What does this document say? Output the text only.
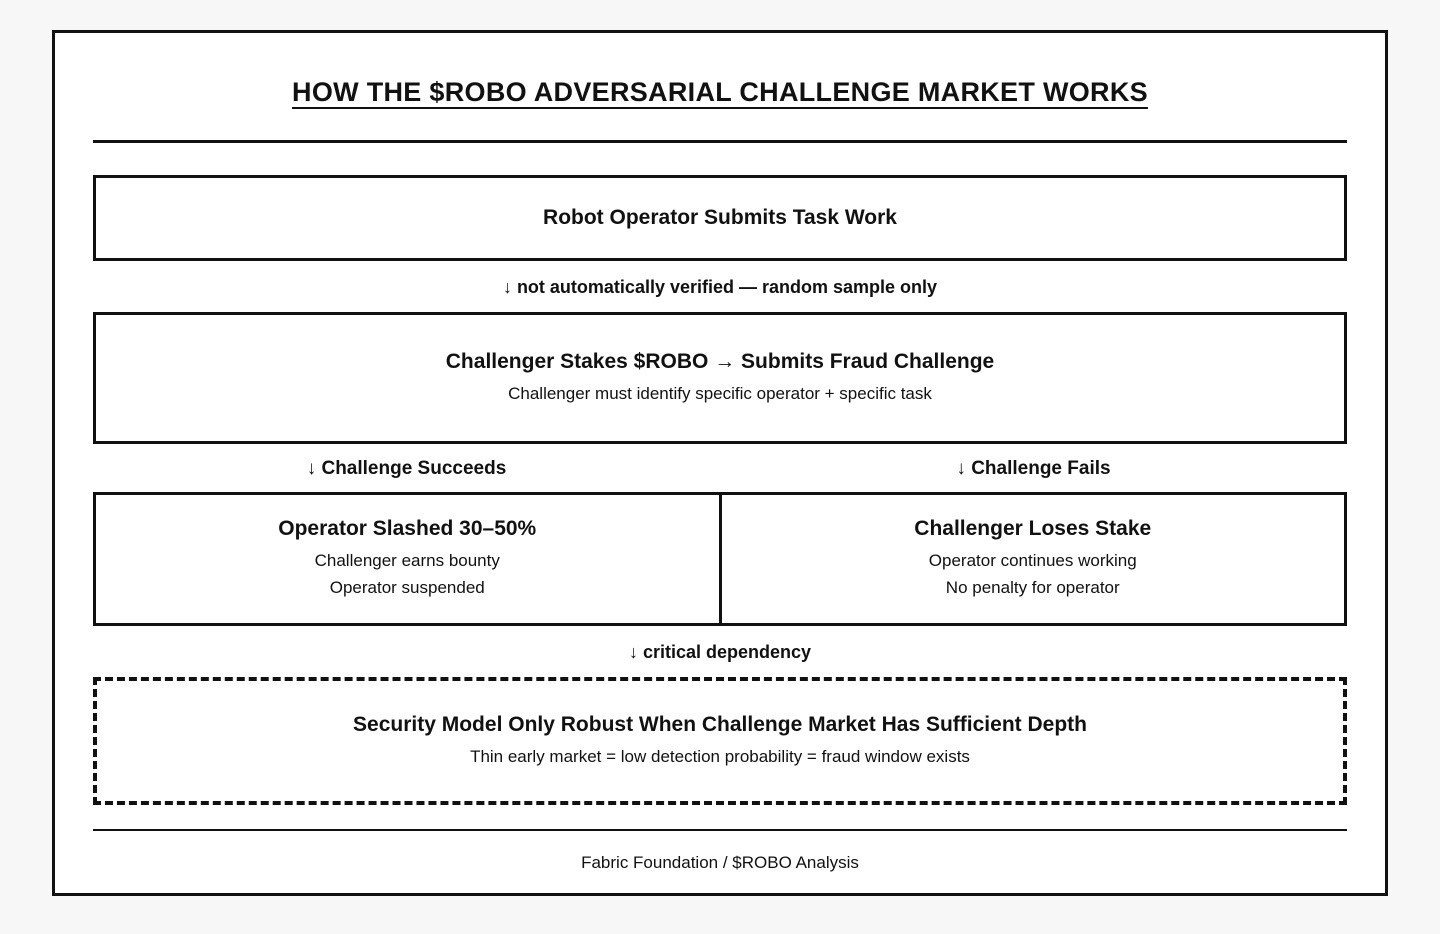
HOW THE $ROBO ADVERSARIAL CHALLENGE MARKET WORKS
Robot Operator Submits Task Work
↓ not automatically verified — random sample only
Challenger Stakes $ROBO → Submits Fraud Challenge
Challenger must identify specific operator + specific task
↓ Challenge Succeeds	↓ Challenge Fails
Operator Slashed 30–50%
Challenger earns bounty
Operator suspended
Challenger Loses Stake
Operator continues working
No penalty for operator
↓ critical dependency
Security Model Only Robust When Challenge Market Has Sufficient Depth
Thin early market = low detection probability = fraud window exists
Fabric Foundation / $ROBO Analysis
